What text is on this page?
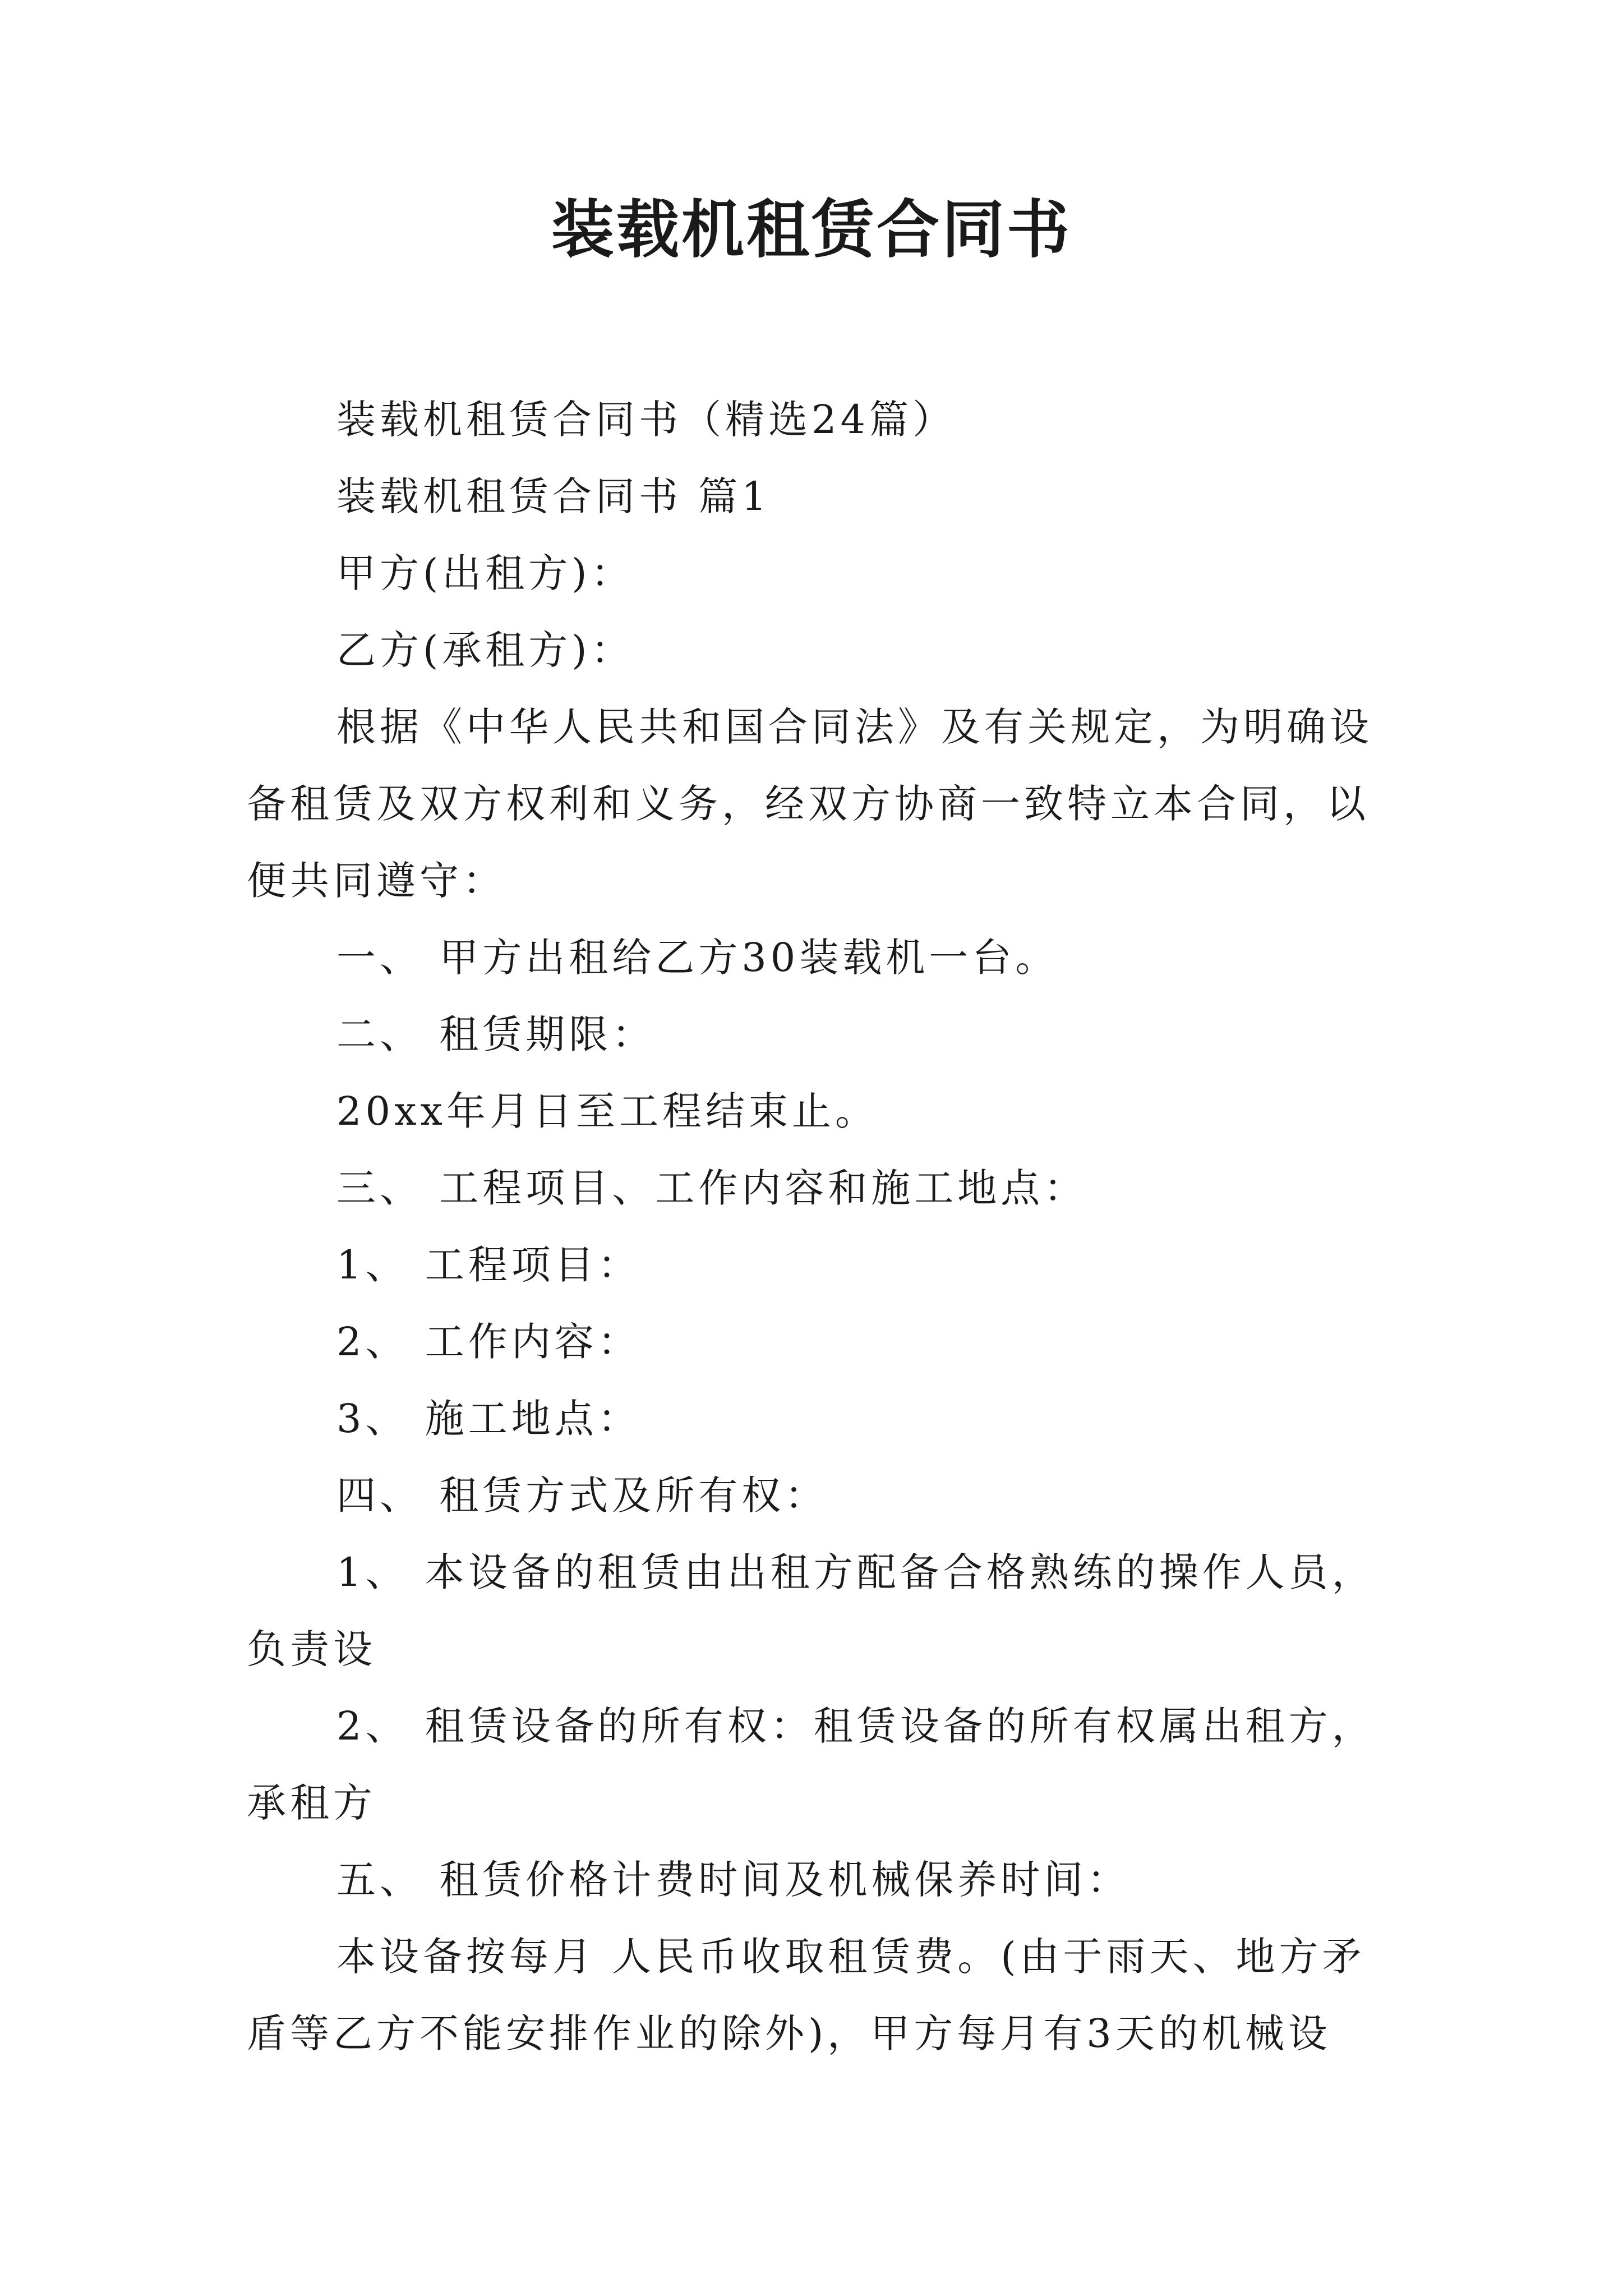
装载机租赁合同书

装载机租赁合同书（精选24篇）

装载机租赁合同书 篇1

甲方(出租方)：

乙方(承租方)：

根据《中华人民共和国合同法》及有关规定，为明确设备租赁及双方权利和义务，经双方协商一致特立本合同，以便共同遵守：

一、 甲方出租给乙方30装载机一台。

二、 租赁期限：

20xx年月日至工程结束止。

三、 工程项目、工作内容和施工地点：

1、 工程项目：

2、 工作内容：

3、 施工地点：

四、 租赁方式及所有权：

1、 本设备的租赁由出租方配备合格熟练的操作人员，负责设

2、 租赁设备的所有权：租赁设备的所有权属出租方，承租方

五、 租赁价格计费时间及机械保养时间：

本设备按每月 人民币收取租赁费。(由于雨天、地方矛盾等乙方不能安排作业的除外)，甲方每月有3天的机械设
